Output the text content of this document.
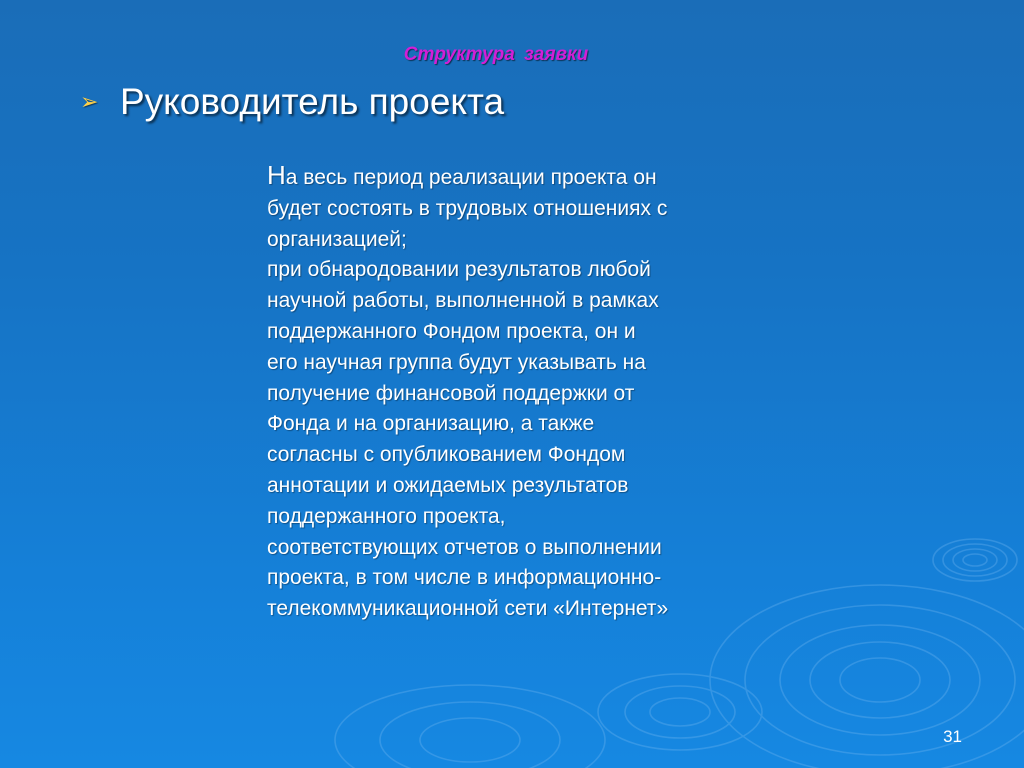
Структура заявки
➢ Руководитель проекта
На весь период реализации проекта он
будет состоять в трудовых отношениях с
организацией;
при обнародовании результатов любой
научной работы, выполненной в рамках
поддержанного Фондом проекта, он и
его научная группа будут указывать на
получение финансовой поддержки от
Фонда и на организацию, а также
согласны с опубликованием Фондом
аннотации и ожидаемых результатов
поддержанного проекта,
соответствующих отчетов о выполнении
проекта, в том числе в информационно-
телекоммуникационной сети «Интернет»
31
